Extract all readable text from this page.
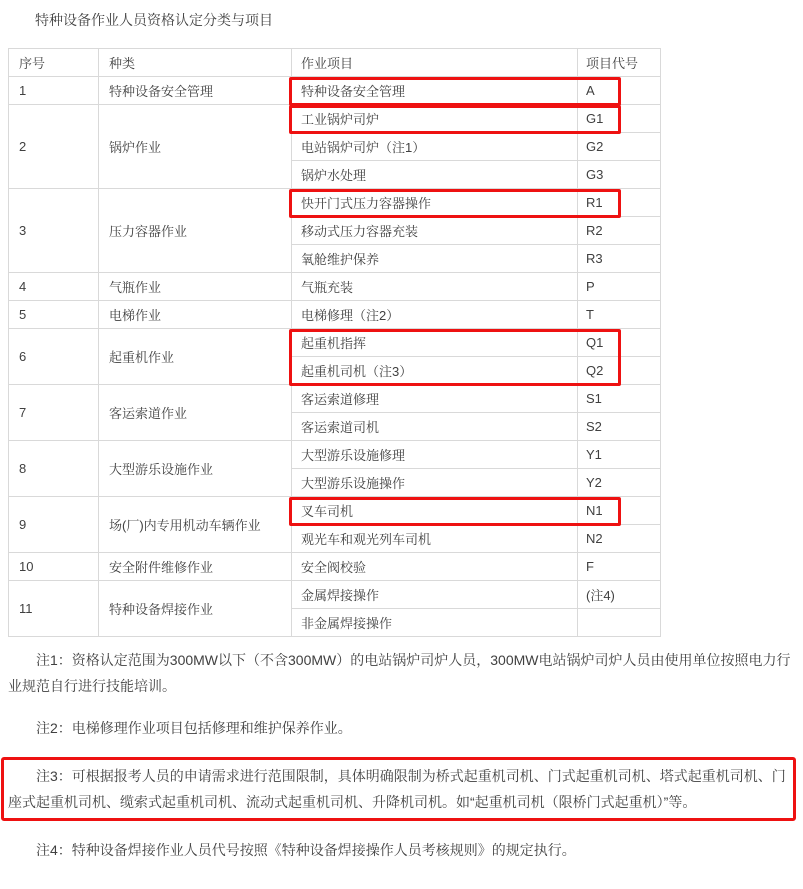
特种设备作业人员资格认定分类与项目
序号	种类	作业项目	项目代号
1	特种设备安全管理	特种设备安全管理	A
2	锅炉作业	工业锅炉司炉	G1
		电站锅炉司炉（注1）	G2
		锅炉水处理	G3
3	压力容器作业	快开门式压力容器操作	R1
		移动式压力容器充装	R2
		氧舱维护保养	R3
4	气瓶作业	气瓶充装	P
5	电梯作业	电梯修理（注2）	T
6	起重机作业	起重机指挥	Q1
		起重机司机（注3）	Q2
7	客运索道作业	客运索道修理	S1
		客运索道司机	S2
8	大型游乐设施作业	大型游乐设施修理	Y1
		大型游乐设施操作	Y2
9	场(厂)内专用机动车辆作业	叉车司机	N1
		观光车和观光列车司机	N2
10	安全附件维修作业	安全阀校验	F
11	特种设备焊接作业	金属焊接操作	(注4)
		非金属焊接操作	

注1：资格认定范围为300MW以下（不含300MW）的电站锅炉司炉人员，300MW电站锅炉司炉人员由使用单位按照电力行业规范自行进行技能培训。

注2：电梯修理作业项目包括修理和维护保养作业。

注3：可根据报考人员的申请需求进行范围限制，具体明确限制为桥式起重机司机、门式起重机司机、塔式起重机司机、门座式起重机司机、缆索式起重机司机、流动式起重机司机、升降机司机。如“起重机司机（限桥门式起重机）”等。

注4：特种设备焊接作业人员代号按照《特种设备焊接操作人员考核规则》的规定执行。
